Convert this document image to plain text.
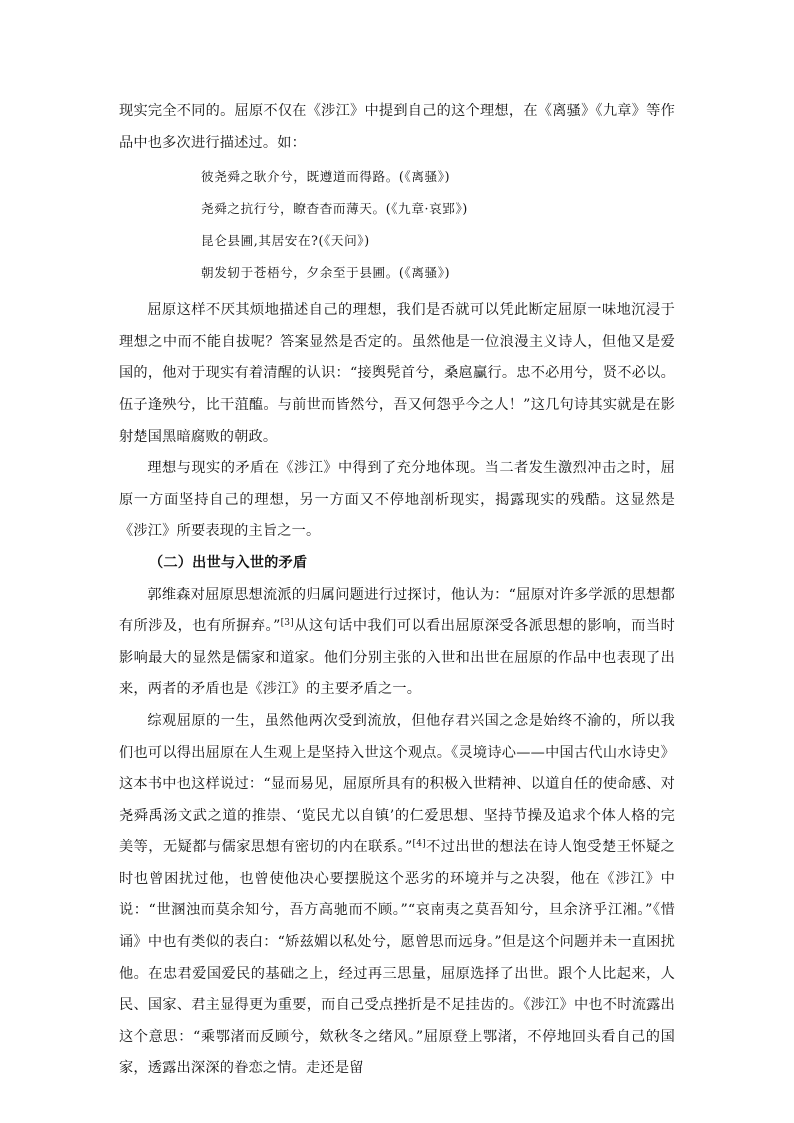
现实完全不同的。屈原不仅在《涉江》中提到自己的这个理想，在《离骚》《九章》等作品中也多次进行描述过。如：

彼尧舜之耿介兮，既遵道而得路。(《离骚》)

尧舜之抗行兮，瞭杳杳而薄天。(《九章·哀郢》)

昆仑县圃,其居安在?(《天问》)

朝发轫于苍梧兮，夕余至于县圃。(《离骚》)

屈原这样不厌其烦地描述自己的理想，我们是否就可以凭此断定屈原一味地沉浸于理想之中而不能自拔呢？答案显然是否定的。虽然他是一位浪漫主义诗人，但他又是爱国的，他对于现实有着清醒的认识：“接舆髡首兮，桑扈臝行。忠不必用兮，贤不必以。伍子逢殃兮，比干菹醢。与前世而皆然兮，吾又何怨乎今之人！”这几句诗其实就是在影射楚国黑暗腐败的朝政。

理想与现实的矛盾在《涉江》中得到了充分地体现。当二者发生激烈冲击之时，屈原一方面坚持自己的理想，另一方面又不停地剖析现实，揭露现实的残酷。这显然是《涉江》所要表现的主旨之一。

（二）出世与入世的矛盾

郭维森对屈原思想流派的归属问题进行过探讨，他认为：“屈原对许多学派的思想都有所涉及，也有所摒弃。”[3]从这句话中我们可以看出屈原深受各派思想的影响，而当时影响最大的显然是儒家和道家。他们分别主张的入世和出世在屈原的作品中也表现了出来，两者的矛盾也是《涉江》的主要矛盾之一。

综观屈原的一生，虽然他两次受到流放，但他存君兴国之念是始终不渝的，所以我们也可以得出屈原在人生观上是坚持入世这个观点。《灵境诗心——中国古代山水诗史》这本书中也这样说过：“显而易见，屈原所具有的积极入世精神、以道自任的使命感、对尧舜禹汤文武之道的推崇、‘览民尤以自镇’的仁爱思想、坚持节操及追求个体人格的完美等，无疑都与儒家思想有密切的内在联系。”[4]不过出世的想法在诗人饱受楚王怀疑之时也曾困扰过他，也曾使他决心要摆脱这个恶劣的环境并与之决裂，他在《涉江》中说：“世溷浊而莫余知兮，吾方高驰而不顾。”“哀南夷之莫吾知兮，旦余济乎江湘。”《惜诵》中也有类似的表白：“矫兹媚以私处兮，愿曾思而远身。”但是这个问题并未一直困扰他。在忠君爱国爱民的基础之上，经过再三思量，屈原选择了出世。跟个人比起来，人民、国家、君主显得更为重要，而自己受点挫折是不足挂齿的。《涉江》中也不时流露出这个意思：“乘鄂渚而反顾兮，欸秋冬之绪风。”屈原登上鄂渚，不停地回头看自己的国家，透露出深深的眷恋之情。走还是留
